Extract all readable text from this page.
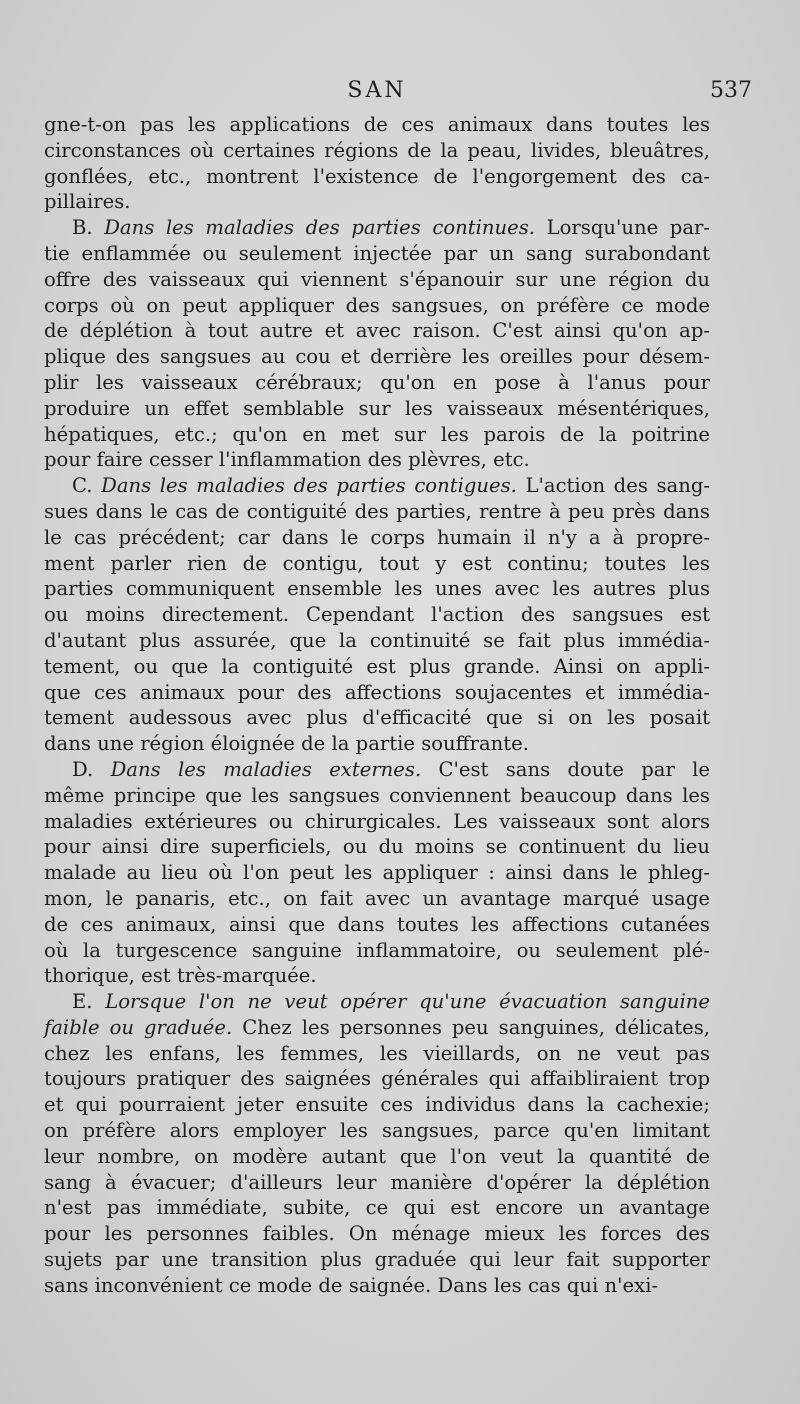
SAN	537
gne-t-on pas les applications de ces animaux dans toutes les
circonstances où certaines régions de la peau, livides, bleuâtres,
gonflées, etc., montrent l'existence de l'engorgement des ca-
pillaires.
B. Dans les maladies des parties continues. Lorsqu'une par-
tie enflammée ou seulement injectée par un sang surabondant
offre des vaisseaux qui viennent s'épanouir sur une région du
corps où on peut appliquer des sangsues, on préfère ce mode
de déplétion à tout autre et avec raison. C'est ainsi qu'on ap-
plique des sangsues au cou et derrière les oreilles pour désem-
plir les vaisseaux cérébraux; qu'on en pose à l'anus pour
produire un effet semblable sur les vaisseaux mésentériques,
hépatiques, etc.; qu'on en met sur les parois de la poitrine
pour faire cesser l'inflammation des plèvres, etc.
C. Dans les maladies des parties contigues. L'action des sang-
sues dans le cas de contiguité des parties, rentre à peu près dans
le cas précédent; car dans le corps humain il n'y a à propre-
ment parler rien de contigu, tout y est continu; toutes les
parties communiquent ensemble les unes avec les autres plus
ou moins directement. Cependant l'action des sangsues est
d'autant plus assurée, que la continuité se fait plus immédia-
tement, ou que la contiguité est plus grande. Ainsi on appli-
que ces animaux pour des affections soujacentes et immédia-
tement audessous avec plus d'efficacité que si on les posait
dans une région éloignée de la partie souffrante.
D. Dans les maladies externes. C'est sans doute par le
même principe que les sangsues conviennent beaucoup dans les
maladies extérieures ou chirurgicales. Les vaisseaux sont alors
pour ainsi dire superficiels, ou du moins se continuent du lieu
malade au lieu où l'on peut les appliquer : ainsi dans le phleg-
mon, le panaris, etc., on fait avec un avantage marqué usage
de ces animaux, ainsi que dans toutes les affections cutanées
où la turgescence sanguine inflammatoire, ou seulement plé-
thorique, est très-marquée.
E. Lorsque l'on ne veut opérer qu'une évacuation sanguine
faible ou graduée. Chez les personnes peu sanguines, délicates,
chez les enfans, les femmes, les vieillards, on ne veut pas
toujours pratiquer des saignées générales qui affaibliraient trop
et qui pourraient jeter ensuite ces individus dans la cachexie;
on préfère alors employer les sangsues, parce qu'en limitant
leur nombre, on modère autant que l'on veut la quantité de
sang à évacuer; d'ailleurs leur manière d'opérer la déplétion
n'est pas immédiate, subite, ce qui est encore un avantage
pour les personnes faibles. On ménage mieux les forces des
sujets par une transition plus graduée qui leur fait supporter
sans inconvénient ce mode de saignée. Dans les cas qui n'exi-
